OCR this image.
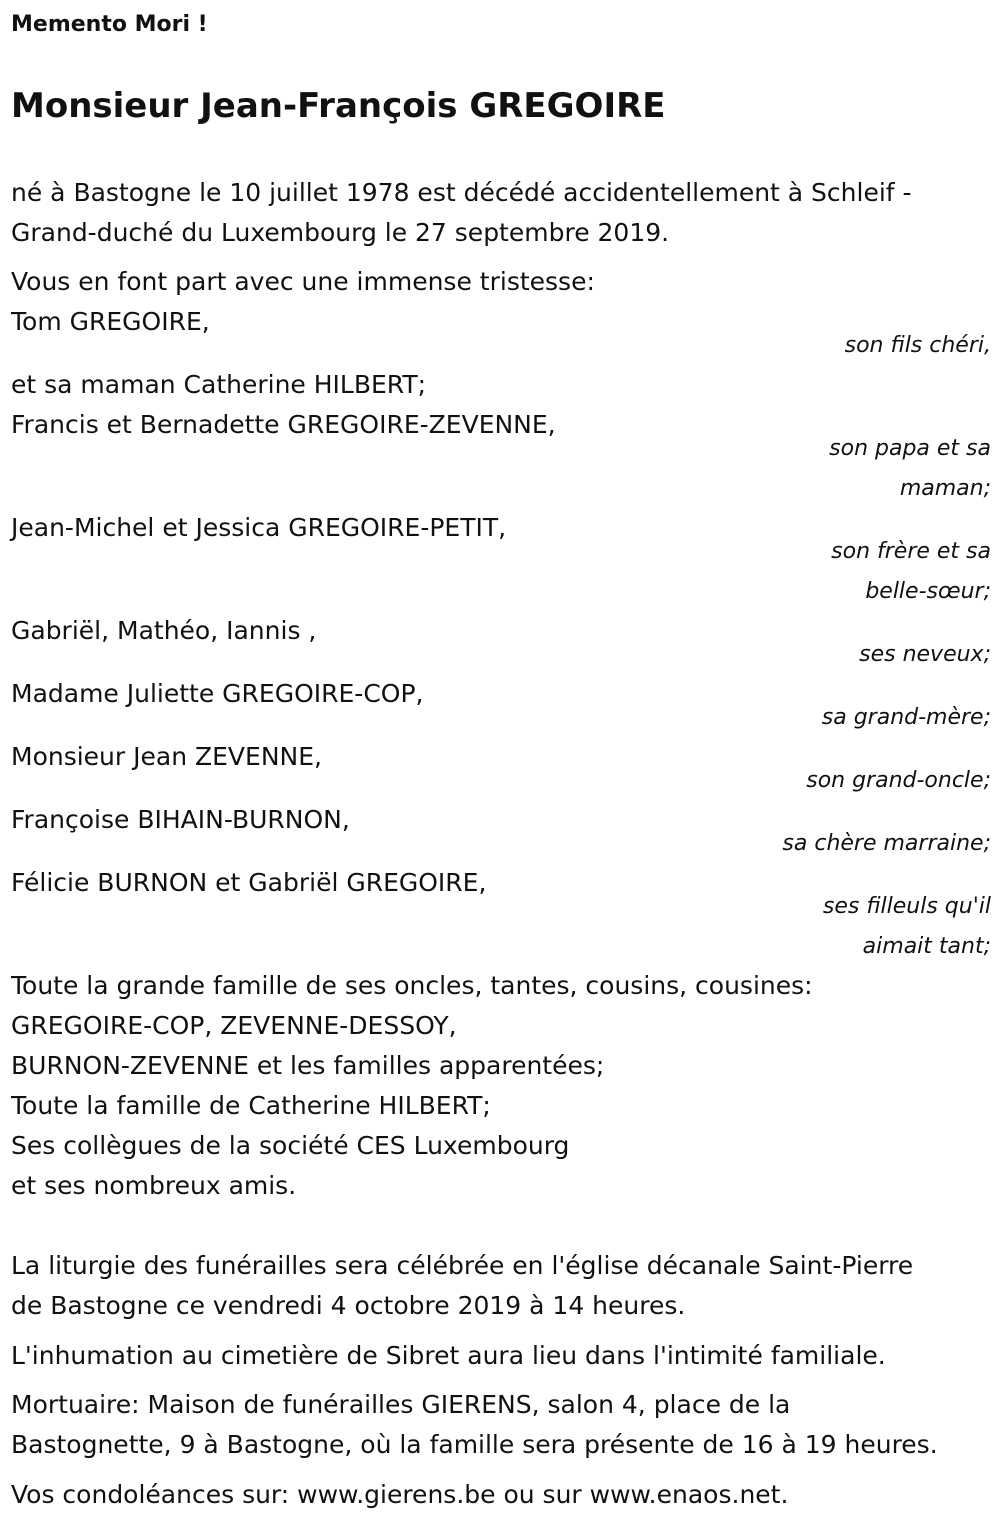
Memento Mori !
Monsieur Jean-François GREGOIRE
né à Bastogne le 10 juillet 1978 est décédé accidentellement à Schleif -
Grand-duché du Luxembourg le 27 septembre 2019.
Vous en font part avec une immense tristesse:
Tom GREGOIRE,
son fils chéri,
et sa maman Catherine HILBERT;
Francis et Bernadette GREGOIRE-ZEVENNE,
son papa et sa
maman;
Jean-Michel et Jessica GREGOIRE-PETIT,
son frère et sa
belle-sœur;
Gabriël, Mathéo, Iannis ,
ses neveux;
Madame Juliette GREGOIRE-COP,
sa grand-mère;
Monsieur Jean ZEVENNE,
son grand-oncle;
Françoise BIHAIN-BURNON,
sa chère marraine;
Félicie BURNON et Gabriël GREGOIRE,
ses filleuls qu'il
aimait tant;
Toute la grande famille de ses oncles, tantes, cousins, cousines:
GREGOIRE-COP, ZEVENNE-DESSOY,
BURNON-ZEVENNE et les familles apparentées;
Toute la famille de Catherine HILBERT;
Ses collègues de la société CES Luxembourg
et ses nombreux amis.
La liturgie des funérailles sera célébrée en l'église décanale Saint-Pierre
de Bastogne ce vendredi 4 octobre 2019 à 14 heures.
L'inhumation au cimetière de Sibret aura lieu dans l'intimité familiale.
Mortuaire: Maison de funérailles GIERENS, salon 4, place de la
Bastognette, 9 à Bastogne, où la famille sera présente de 16 à 19 heures.
Vos condoléances sur: www.gierens.be ou sur www.enaos.net.
